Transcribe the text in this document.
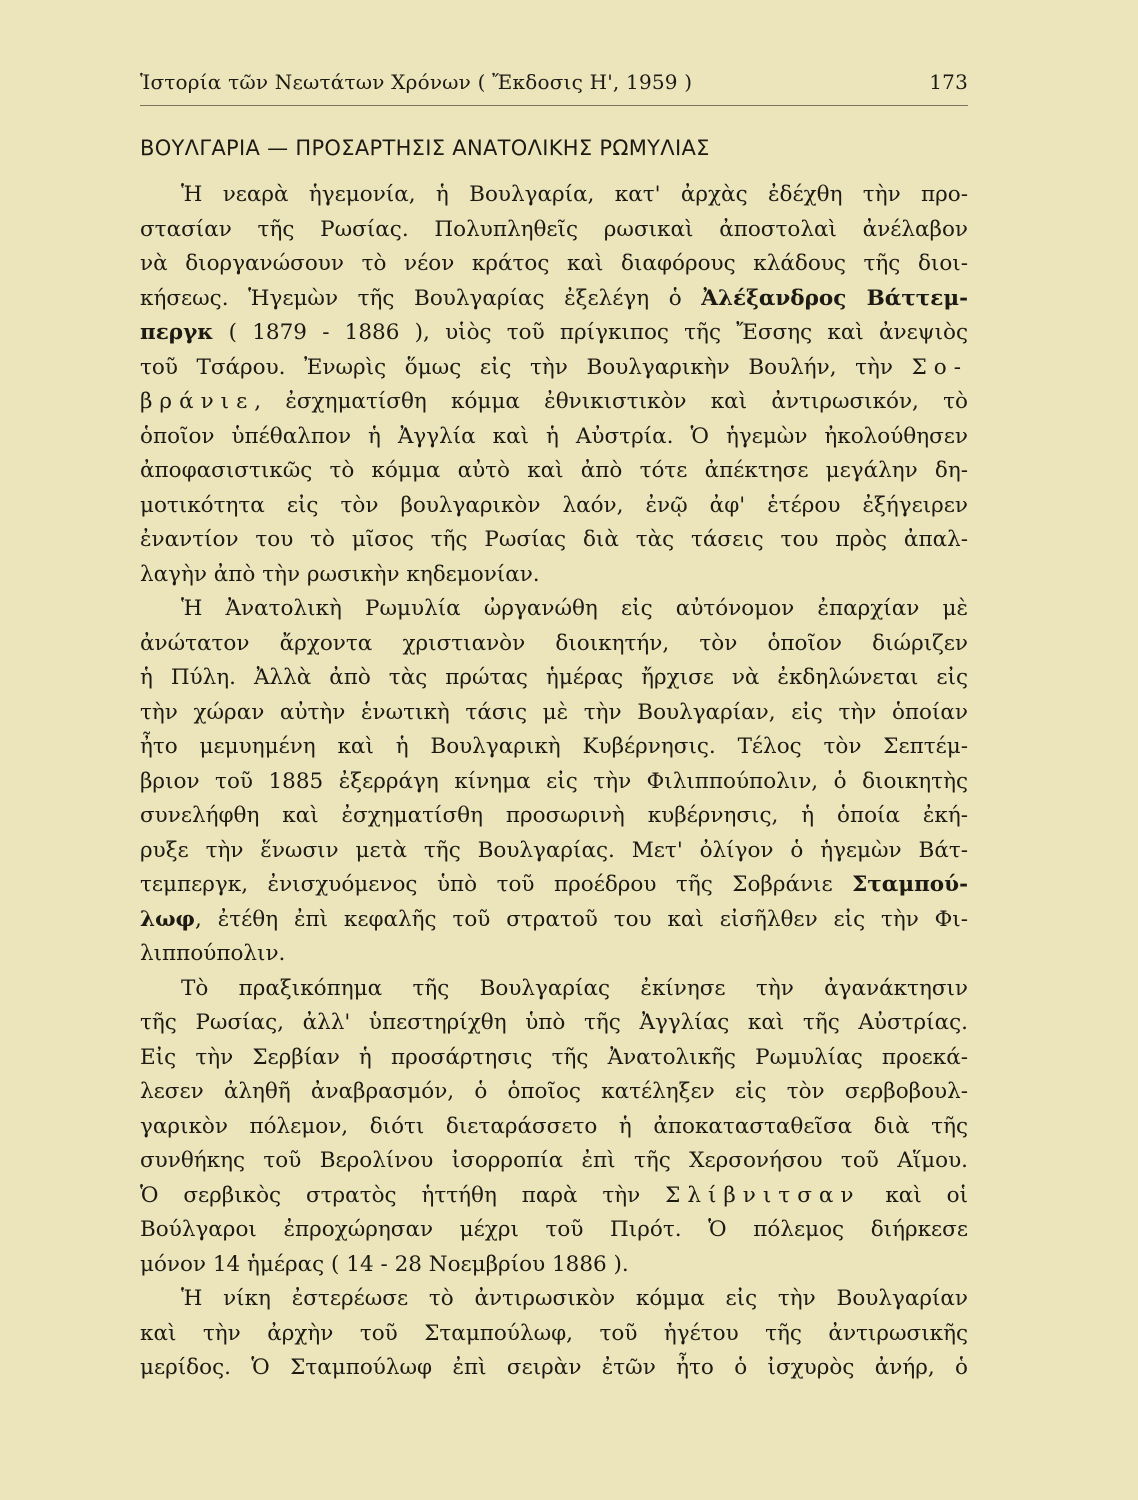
Ἱστορία τῶν Νεωτάτων Χρόνων ( Ἔκδοσις Η', 1959 )	173
ΒΟΥΛΓΑΡΙΑ — ΠΡΟΣΑΡΤΗΣΙΣ ΑΝΑΤΟΛΙΚΗΣ ΡΩΜΥΛΙΑΣ
Ἡ νεαρὰ ἡγεμονία, ἡ Βουλγαρία, κατ' ἀρχὰς ἐδέχθη τὴν προ-
στασίαν τῆς Ρωσίας. Πολυπληθεῖς ρωσικαὶ ἀποστολαὶ ἀνέλαβον
νὰ διοργανώσουν τὸ νέον κράτος καὶ διαφόρους κλάδους τῆς διοι-
κήσεως. Ἡγεμὼν τῆς Βουλγαρίας ἐξελέγη ὁ Ἀλέξανδρος Βάττεμ-
περγκ ( 1879 - 1886 ), υἱὸς τοῦ πρίγκιπος τῆς Ἔσσης καὶ ἀνεψιὸς
τοῦ Τσάρου. Ἐνωρὶς ὅμως εἰς τὴν Βουλγαρικὴν Βουλήν, τὴν Σο-
βράνιε, ἐσχηματίσθη κόμμα ἐθνικιστικὸν καὶ ἀντιρωσικόν, τὸ
ὁποῖον ὑπέθαλπον ἡ Ἀγγλία καὶ ἡ Αὐστρία. Ὁ ἡγεμὼν ἠκολούθησεν
ἀποφασιστικῶς τὸ κόμμα αὐτὸ καὶ ἀπὸ τότε ἀπέκτησε μεγάλην δη-
μοτικότητα εἰς τὸν βουλγαρικὸν λαόν, ἐνῷ ἀφ' ἑτέρου ἐξήγειρεν
ἐναντίον του τὸ μῖσος τῆς Ρωσίας διὰ τὰς τάσεις του πρὸς ἀπαλ-
λαγὴν ἀπὸ τὴν ρωσικὴν κηδεμονίαν.
Ἡ Ἀνατολικὴ Ρωμυλία ὠργανώθη εἰς αὐτόνομον ἐπαρχίαν μὲ
ἀνώτατον ἄρχοντα χριστιανὸν διοικητήν, τὸν ὁποῖον διώριζεν
ἡ Πύλη. Ἀλλὰ ἀπὸ τὰς πρώτας ἡμέρας ἤρχισε νὰ ἐκδηλώνεται εἰς
τὴν χώραν αὐτὴν ἑνωτικὴ τάσις μὲ τὴν Βουλγαρίαν, εἰς τὴν ὁποίαν
ἦτο μεμυημένη καὶ ἡ Βουλγαρικὴ Κυβέρνησις. Τέλος τὸν Σεπτέμ-
βριον τοῦ 1885 ἐξερράγη κίνημα εἰς τὴν Φιλιππούπολιν, ὁ διοικητὴς
συνελήφθη καὶ ἐσχηματίσθη προσωρινὴ κυβέρνησις, ἡ ὁποία ἐκή-
ρυξε τὴν ἕνωσιν μετὰ τῆς Βουλγαρίας. Μετ' ὀλίγον ὁ ἡγεμὼν Βάτ-
τεμπεργκ, ἐνισχυόμενος ὑπὸ τοῦ προέδρου τῆς Σοβράνιε Σταμπού-
λωφ, ἐτέθη ἐπὶ κεφαλῆς τοῦ στρατοῦ του καὶ εἰσῆλθεν εἰς τὴν Φι-
λιππούπολιν.
Τὸ πραξικόπημα τῆς Βουλγαρίας ἐκίνησε τὴν ἀγανάκτησιν
τῆς Ρωσίας, ἀλλ' ὑπεστηρίχθη ὑπὸ τῆς Ἀγγλίας καὶ τῆς Αὐστρίας.
Εἰς τὴν Σερβίαν ἡ προσάρτησις τῆς Ἀνατολικῆς Ρωμυλίας προεκά-
λεσεν ἀληθῆ ἀναβρασμόν, ὁ ὁποῖος κατέληξεν εἰς τὸν σερβοβουλ-
γαρικὸν πόλεμον, διότι διεταράσσετο ἡ ἀποκατασταθεῖσα διὰ τῆς
συνθήκης τοῦ Βερολίνου ἰσορροπία ἐπὶ τῆς Χερσονήσου τοῦ Αἵμου.
Ὁ σερβικὸς στρατὸς ἡττήθη παρὰ τὴν Σλίβνιτσαν καὶ οἱ
Βούλγαροι ἐπροχώρησαν μέχρι τοῦ Πιρότ. Ὁ πόλεμος διήρκεσε
μόνον 14 ἡμέρας ( 14 - 28 Νοεμβρίου 1886 ).
Ἡ νίκη ἐστερέωσε τὸ ἀντιρωσικὸν κόμμα εἰς τὴν Βουλγαρίαν
καὶ τὴν ἀρχὴν τοῦ Σταμπούλωφ, τοῦ ἡγέτου τῆς ἀντιρωσικῆς
μερίδος. Ὁ Σταμπούλωφ ἐπὶ σειρὰν ἐτῶν ἦτο ὁ ἰσχυρὸς ἀνήρ, ὁ
